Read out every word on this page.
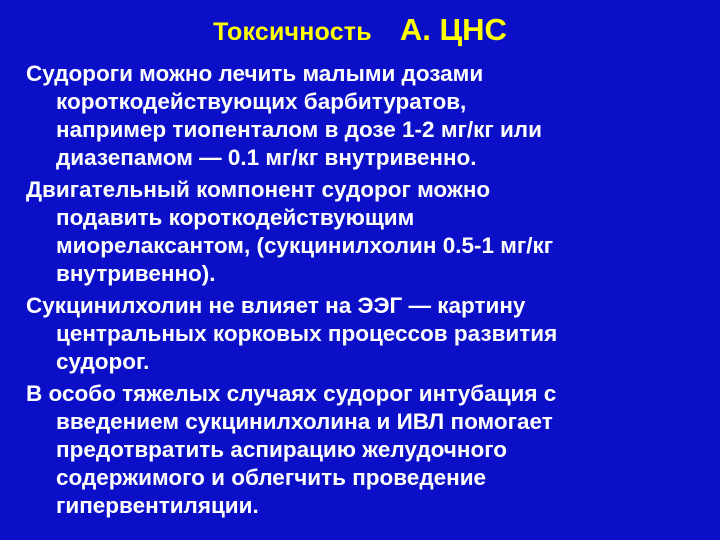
Токсичность А. ЦНС
Судороги можно лечить малыми дозами
короткодействующих барбитуратов,
например тиопенталом в дозе 1-2 мг/кг или
диазепамом — 0.1 мг/кг внутривенно.
Двигательный компонент судорог можно
подавить короткодействующим
миорелаксантом, (сукцинилхолин 0.5-1 мг/кг
внутривенно).
Сукцинилхолин не влияет на ЭЭГ — картину
центральных корковых процессов развития
судорог.
В особо тяжелых случаях судорог интубация с
введением сукцинилхолина и ИВЛ помогает
предотвратить аспирацию желудочного
содержимого и облегчить проведение
гипервентиляции.
